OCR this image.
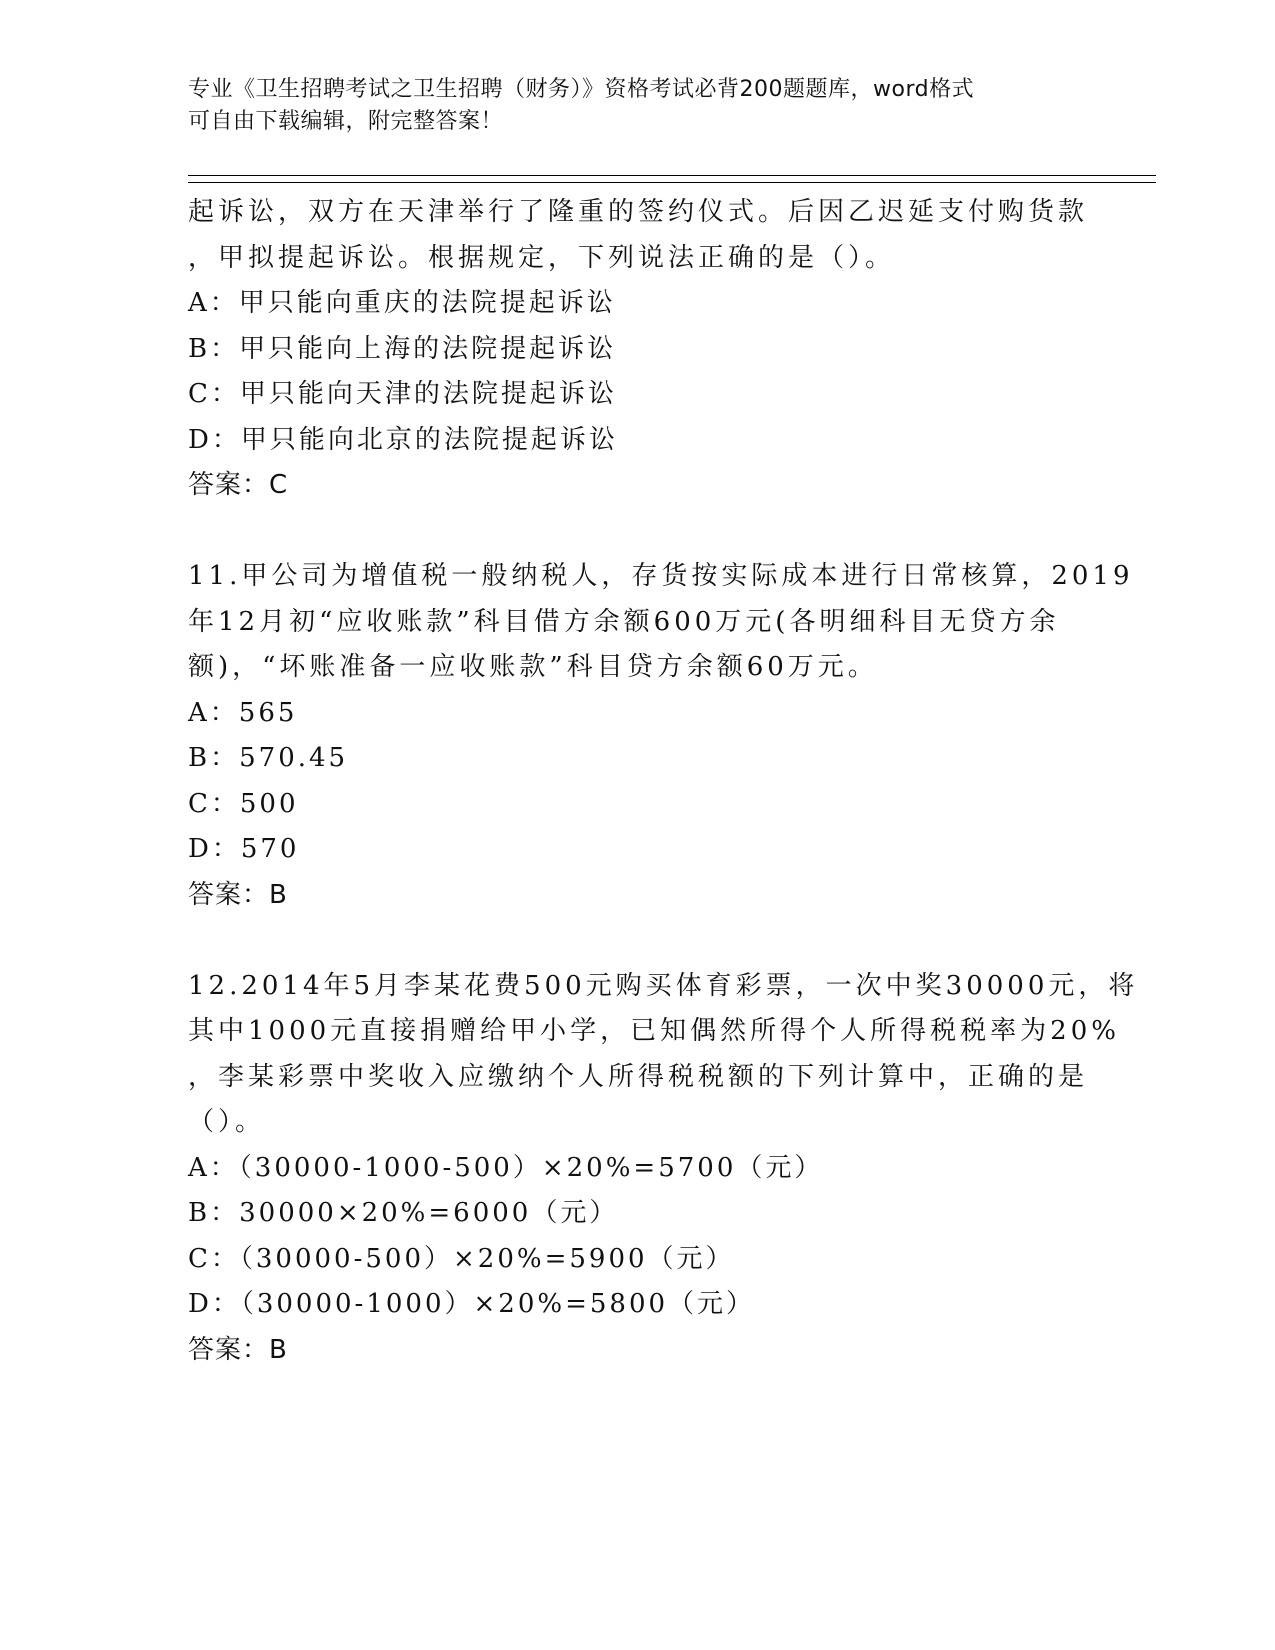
专业《卫生招聘考试之卫生招聘（财务）》资格考试必背200题题库，word格式
可自由下载编辑，附完整答案！
起诉讼，双方在天津举行了隆重的签约仪式。后因乙迟延支付购货款
，甲拟提起诉讼。根据规定，下列说法正确的是（）。
A：甲只能向重庆的法院提起诉讼
B：甲只能向上海的法院提起诉讼
C：甲只能向天津的法院提起诉讼
D：甲只能向北京的法院提起诉讼
答案：C
11.甲公司为增值税一般纳税人，存货按实际成本进行日常核算，2019
年12月初“应收账款”科目借方余额600万元(各明细科目无贷方余
额)，“坏账准备一应收账款”科目贷方余额60万元。
A：565
B：570.45
C：500
D：570
答案：B
12.2014年5月李某花费500元购买体育彩票，一次中奖30000元，将
其中1000元直接捐赠给甲小学，已知偶然所得个人所得税税率为20%
，李某彩票中奖收入应缴纳个人所得税税额的下列计算中，正确的是
（）。
A：（30000-1000-500）×20%=5700（元）
B：30000×20%=6000（元）
C：（30000-500）×20%=5900（元）
D：（30000-1000）×20%=5800（元）
答案：B
